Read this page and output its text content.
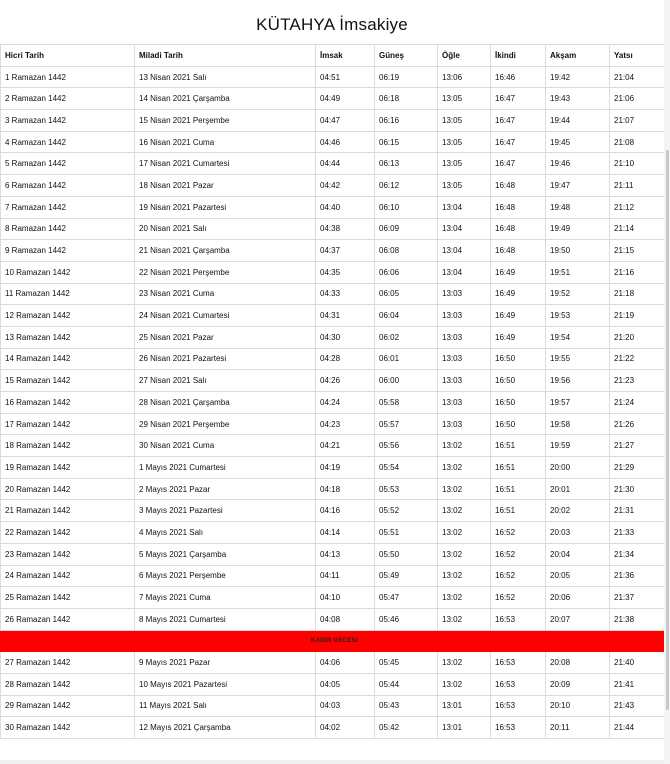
KÜTAHYA İmsakiye
Hicri Tarih	Miladi Tarih	İmsak	Güneş	Öğle	İkindi	Akşam	Yatsı
1 Ramazan 1442	13 Nisan 2021 Salı	04:51	06:19	13:06	16:46	19:42	21:04
2 Ramazan 1442	14 Nisan 2021 Çarşamba	04:49	06:18	13:05	16:47	19:43	21:06
3 Ramazan 1442	15 Nisan 2021 Perşembe	04:47	06:16	13:05	16:47	19:44	21:07
4 Ramazan 1442	16 Nisan 2021 Cuma	04:46	06:15	13:05	16:47	19:45	21:08
5 Ramazan 1442	17 Nisan 2021 Cumartesi	04:44	06:13	13:05	16:47	19:46	21:10
6 Ramazan 1442	18 Nisan 2021 Pazar	04:42	06:12	13:05	16:48	19:47	21:11
7 Ramazan 1442	19 Nisan 2021 Pazartesi	04:40	06:10	13:04	16:48	19:48	21:12
8 Ramazan 1442	20 Nisan 2021 Salı	04:38	06:09	13:04	16:48	19:49	21:14
9 Ramazan 1442	21 Nisan 2021 Çarşamba	04:37	06:08	13:04	16:48	19:50	21:15
10 Ramazan 1442	22 Nisan 2021 Perşembe	04:35	06:06	13:04	16:49	19:51	21:16
11 Ramazan 1442	23 Nisan 2021 Cuma	04:33	06:05	13:03	16:49	19:52	21:18
12 Ramazan 1442	24 Nisan 2021 Cumartesi	04:31	06:04	13:03	16:49	19:53	21:19
13 Ramazan 1442	25 Nisan 2021 Pazar	04:30	06:02	13:03	16:49	19:54	21:20
14 Ramazan 1442	26 Nisan 2021 Pazartesi	04:28	06:01	13:03	16:50	19:55	21:22
15 Ramazan 1442	27 Nisan 2021 Salı	04:26	06:00	13:03	16:50	19:56	21:23
16 Ramazan 1442	28 Nisan 2021 Çarşamba	04:24	05:58	13:03	16:50	19:57	21:24
17 Ramazan 1442	29 Nisan 2021 Perşembe	04:23	05:57	13:03	16:50	19:58	21:26
18 Ramazan 1442	30 Nisan 2021 Cuma	04:21	05:56	13:02	16:51	19:59	21:27
19 Ramazan 1442	1 Mayıs 2021 Cumartesi	04:19	05:54	13:02	16:51	20:00	21:29
20 Ramazan 1442	2 Mayıs 2021 Pazar	04:18	05:53	13:02	16:51	20:01	21:30
21 Ramazan 1442	3 Mayıs 2021 Pazartesi	04:16	05:52	13:02	16:51	20:02	21:31
22 Ramazan 1442	4 Mayıs 2021 Salı	04:14	05:51	13:02	16:52	20:03	21:33
23 Ramazan 1442	5 Mayıs 2021 Çarşamba	04:13	05:50	13:02	16:52	20:04	21:34
24 Ramazan 1442	6 Mayıs 2021 Perşembe	04:11	05:49	13:02	16:52	20:05	21:36
25 Ramazan 1442	7 Mayıs 2021 Cuma	04:10	05:47	13:02	16:52	20:06	21:37
26 Ramazan 1442	8 Mayıs 2021 Cumartesi	04:08	05:46	13:02	16:53	20:07	21:38
KADIR GECESI							
27 Ramazan 1442	9 Mayıs 2021 Pazar	04:06	05:45	13:02	16:53	20:08	21:40
28 Ramazan 1442	10 Mayıs 2021 Pazartesi	04:05	05:44	13:02	16:53	20:09	21:41
29 Ramazan 1442	11 Mayıs 2021 Salı	04:03	05:43	13:01	16:53	20:10	21:43
30 Ramazan 1442	12 Mayıs 2021 Çarşamba	04:02	05:42	13:01	16:53	20:11	21:44
